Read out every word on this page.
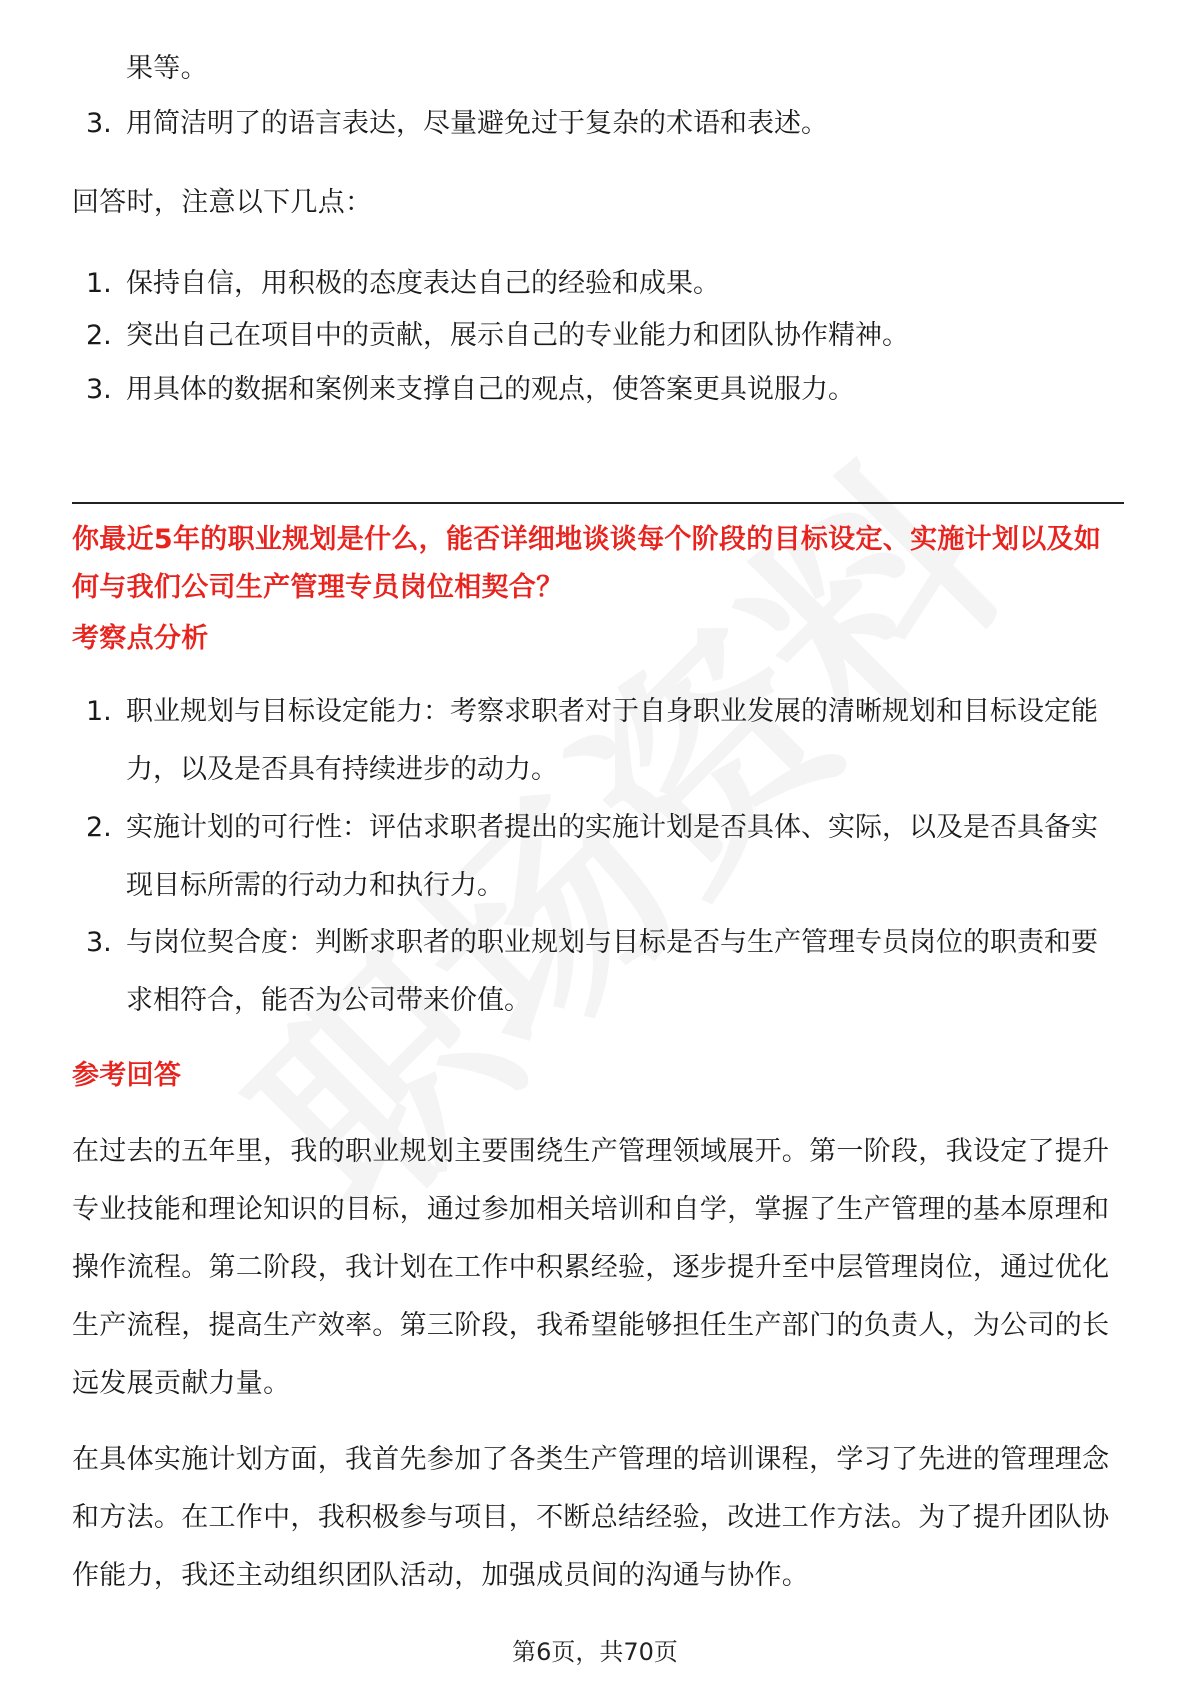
果等。
3. 用简洁明了的语言表达，尽量避免过于复杂的术语和表述。
回答时，注意以下几点：
1. 保持自信，用积极的态度表达自己的经验和成果。
2. 突出自己在项目中的贡献，展示自己的专业能力和团队协作精神。
3. 用具体的数据和案例来支撑自己的观点，使答案更具说服力。
你最近5年的职业规划是什么，能否详细地谈谈每个阶段的目标设定、实施计划以及如何与我们公司生产管理专员岗位相契合？
考察点分析
1. 职业规划与目标设定能力：考察求职者对于自身职业发展的清晰规划和目标设定能力，以及是否具有持续进步的动力。
2. 实施计划的可行性：评估求职者提出的实施计划是否具体、实际，以及是否具备实现目标所需的行动力和执行力。
3. 与岗位契合度：判断求职者的职业规划与目标是否与生产管理专员岗位的职责和要求相符合，能否为公司带来价值。
参考回答
在过去的五年里，我的职业规划主要围绕生产管理领域展开。第一阶段，我设定了提升专业技能和理论知识的目标，通过参加相关培训和自学，掌握了生产管理的基本原理和操作流程。第二阶段，我计划在工作中积累经验，逐步提升至中层管理岗位，通过优化生产流程，提高生产效率。第三阶段，我希望能够担任生产部门的负责人，为公司的长远发展贡献力量。
在具体实施计划方面，我首先参加了各类生产管理的培训课程，学习了先进的管理理念和方法。在工作中，我积极参与项目，不断总结经验，改进工作方法。为了提升团队协作能力，我还主动组织团队活动，加强成员间的沟通与协作。
第6页，共70页
